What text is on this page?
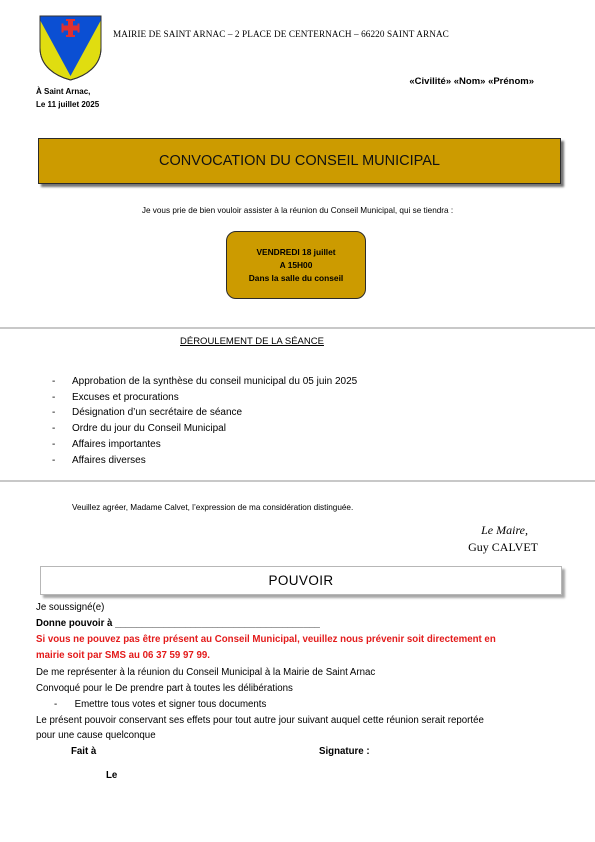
MAIRIE DE SAINT ARNAC – 2 PLACE DE CENTERNACH – 66220 SAINT ARNAC
«Civilité» «Nom» «Prénom»
À Saint Arnac,
Le 11 juillet 2025
CONVOCATION DU CONSEIL MUNICIPAL
Je vous prie de bien vouloir assister à la réunion du Conseil Municipal, qui se tiendra :
VENDREDI 18 juillet
A 15H00
Dans la salle du conseil
DÉROULEMENT DE LA SÉANCE
- Approbation de la synthèse du conseil municipal du 05 juin 2025
- Excuses et procurations
- Désignation d’un secrétaire de séance
- Ordre du jour du Conseil Municipal
- Affaires importantes
- Affaires diverses
Veuillez agréer, Madame Calvet, l’expression de ma considération distinguée.
Le Maire,
Guy CALVET
POUVOIR
Je soussigné(e)
Donne pouvoir à ______________________________________
Si vous ne pouvez pas être présent au Conseil Municipal, veuillez nous prévenir soit directement en
mairie soit par SMS au 06 37 59 97 99.
De me représenter à la réunion du Conseil Municipal à la Mairie de Saint Arnac
Convoqué pour le De prendre part à toutes les délibérations
- Emettre tous votes et signer tous documents
Le présent pouvoir conservant ses effets pour tout autre jour suivant auquel cette réunion serait reportée
pour une cause quelconque
Fait à	Signature :
Le
